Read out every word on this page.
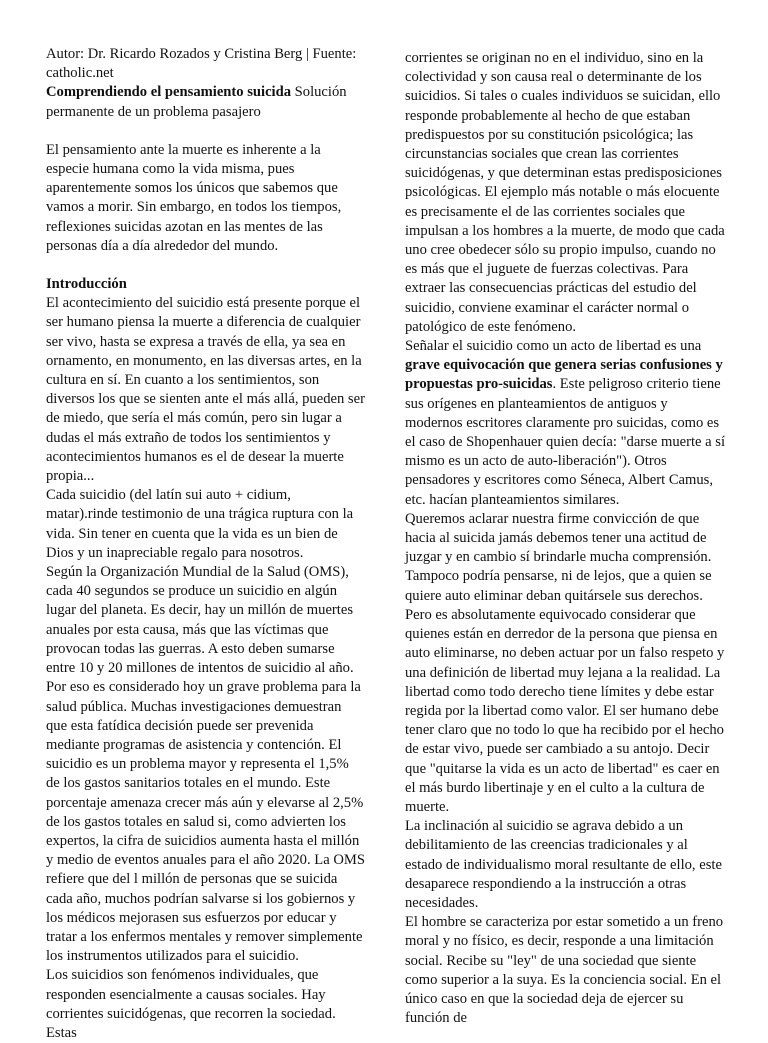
Autor: Dr. Ricardo Rozados y Cristina Berg | Fuente: catholic.net

Comprendiendo el pensamiento suicida Solución permanente de un problema pasajero

El pensamiento ante la muerte es inherente a la especie humana como la vida misma, pues aparentemente somos los únicos que sabemos que vamos a morir. Sin embargo, en todos los tiempos, reflexiones suicidas azotan en las mentes de las personas día a día alrededor del mundo.

Introducción

El acontecimiento del suicidio está presente porque el ser humano piensa la muerte a diferencia de cualquier ser vivo, hasta se expresa a través de ella, ya sea en ornamento, en monumento, en las diversas artes, en la cultura en sí. En cuanto a los sentimientos, son diversos los que se sienten ante el más allá, pueden ser de miedo, que sería el más común, pero sin lugar a dudas el más extraño de todos los sentimientos y acontecimientos humanos es el de desear la muerte propia...

Cada suicidio (del latín sui auto + cidium, matar).rinde testimonio de una trágica ruptura con la vida. Sin tener en cuenta que la vida es un bien de Dios y un inapreciable regalo para nosotros.

Según la Organización Mundial de la Salud (OMS), cada 40 segundos se produce un suicidio en algún lugar del planeta. Es decir, hay un millón de muertes anuales por esta causa, más que las víctimas que provocan todas las guerras. A esto deben sumarse entre 10 y 20 millones de intentos de suicidio al año. Por eso es considerado hoy un grave problema para la salud pública. Muchas investigaciones demuestran que esta fatídica decisión puede ser prevenida mediante programas de asistencia y contención. El suicidio es un problema mayor y representa el 1,5% de los gastos sanitarios totales en el mundo. Este porcentaje amenaza crecer más aún y elevarse al 2,5% de los gastos totales en salud si, como advierten los expertos, la cifra de suicidios aumenta hasta el millón y medio de eventos anuales para el año 2020. La OMS refiere que del l millón de personas que se suicida cada año, muchos podrían salvarse si los gobiernos y los médicos mejorasen sus esfuerzos por educar y tratar a los enfermos mentales y remover simplemente los instrumentos utilizados para el suicidio.

Los suicidios son fenómenos individuales, que responden esencialmente a causas sociales. Hay corrientes suicidógenas, que recorren la sociedad. Estas

corrientes se originan no en el individuo, sino en la colectividad y son causa real o determinante de los suicidios. Si tales o cuales individuos se suicidan, ello responde probablemente al hecho de que estaban predispuestos por su constitución psicológica; las circunstancias sociales que crean las corrientes suicidógenas, y que determinan estas predisposiciones psicológicas. El ejemplo más notable o más elocuente es precisamente el de las corrientes sociales que impulsan a los hombres a la muerte, de modo que cada uno cree obedecer sólo su propio impulso, cuando no es más que el juguete de fuerzas colectivas. Para extraer las consecuencias prácticas del estudio del suicidio, conviene examinar el carácter normal o patológico de este fenómeno.

Señalar el suicidio como un acto de libertad es una grave equivocación que genera serias confusiones y propuestas pro-suicidas. Este peligroso criterio tiene sus orígenes en planteamientos de antiguos y modernos escritores claramente pro suicidas, como es el caso de Shopenhauer quien decía: "darse muerte a sí mismo es un acto de auto-liberación"). Otros pensadores y escritores como Séneca, Albert Camus, etc. hacían planteamientos similares.

Queremos aclarar nuestra firme convicción de que hacia al suicida jamás debemos tener una actitud de juzgar y en cambio sí brindarle mucha comprensión. Tampoco podría pensarse, ni de lejos, que a quien se quiere auto eliminar deban quitársele sus derechos. Pero es absolutamente equivocado considerar que quienes están en derredor de la persona que piensa en auto eliminarse, no deben actuar por un falso respeto y una definición de libertad muy lejana a la realidad. La libertad como todo derecho tiene límites y debe estar regida por la libertad como valor. El ser humano debe tener claro que no todo lo que ha recibido por el hecho de estar vivo, puede ser cambiado a su antojo. Decir que "quitarse la vida es un acto de libertad" es caer en el más burdo libertinaje y en el culto a la cultura de muerte.

La inclinación al suicidio se agrava debido a un debilitamiento de las creencias tradicionales y al estado de individualismo moral resultante de ello, este desaparece respondiendo a la instrucción a otras necesidades.

El hombre se caracteriza por estar sometido a un freno moral y no físico, es decir, responde a una limitación social. Recibe su "ley" de una sociedad que siente como superior a la suya. Es la conciencia social. En el único caso en que la sociedad deja de ejercer su función de
